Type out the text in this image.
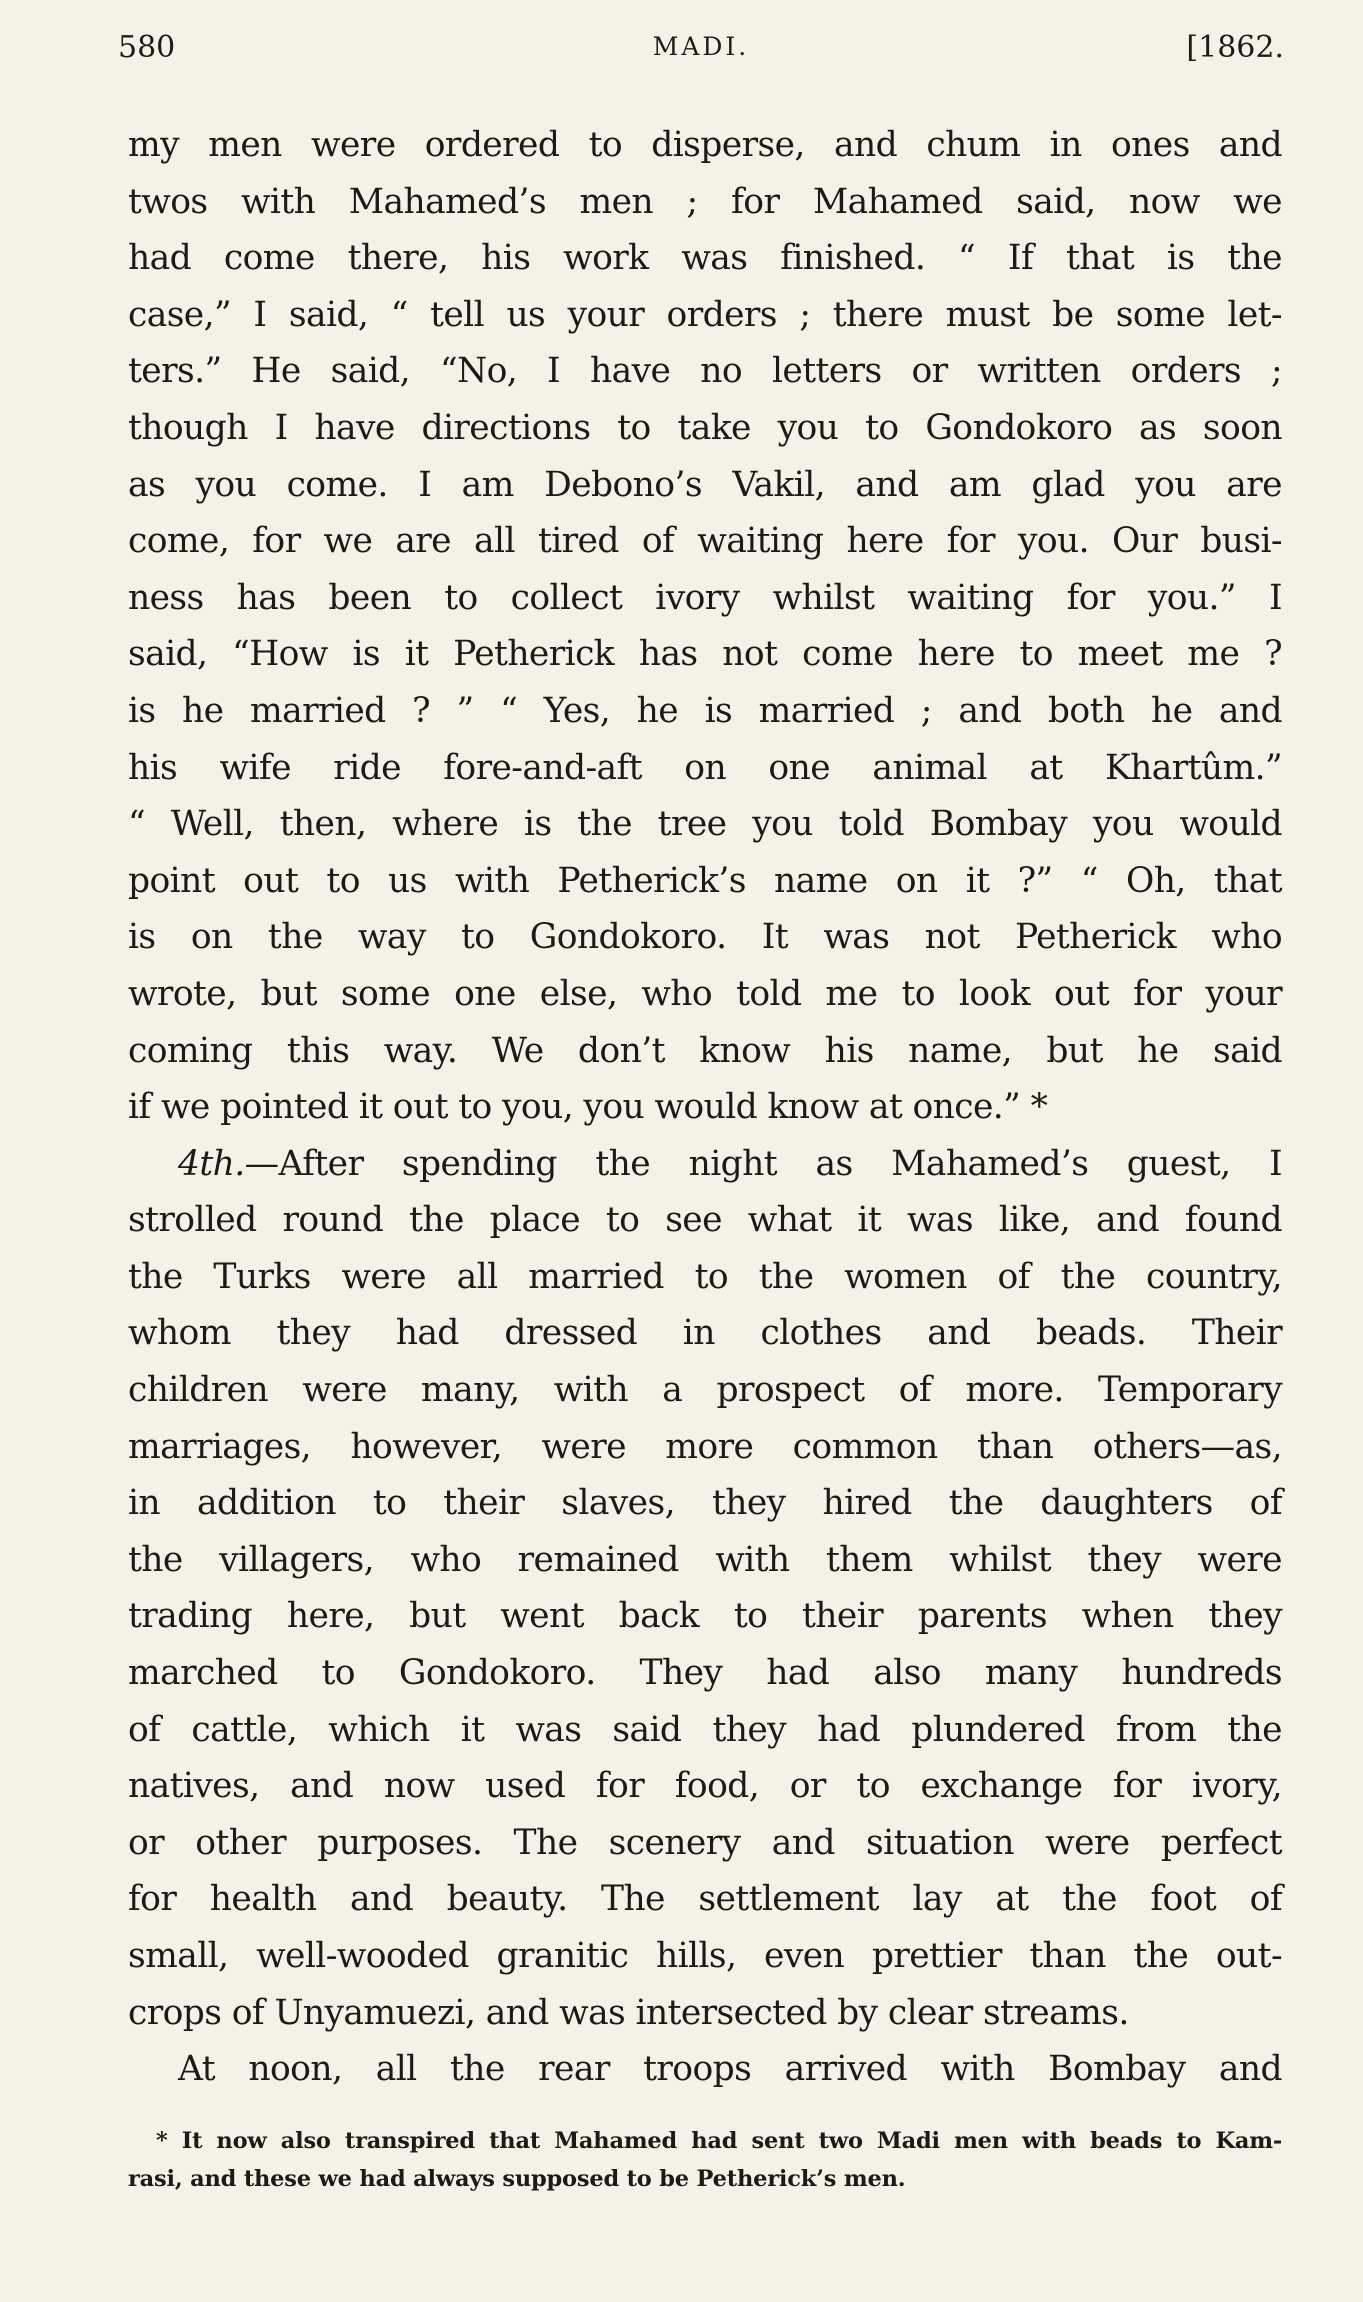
580	MADI.	[1862.
my men were ordered to disperse, and chum in ones and
twos with Mahamed’s men ; for Mahamed said, now we
had come there, his work was finished. “ If that is the
case,” I said, “ tell us your orders ; there must be some let-
ters.” He said, “No, I have no letters or written orders ;
though I have directions to take you to Gondokoro as soon
as you come. I am Debono’s Vakil, and am glad you are
come, for we are all tired of waiting here for you. Our busi-
ness has been to collect ivory whilst waiting for you.” I
said, “How is it Petherick has not come here to meet me ?
is he married ? ” “ Yes, he is married ; and both he and
his wife ride fore-and-aft on one animal at Khartûm.”
“ Well, then, where is the tree you told Bombay you would
point out to us with Petherick’s name on it ?” “ Oh, that
is on the way to Gondokoro. It was not Petherick who
wrote, but some one else, who told me to look out for your
coming this way. We don’t know his name, but he said
if we pointed it out to you, you would know at once.” *
4th.—After spending the night as Mahamed’s guest, I
strolled round the place to see what it was like, and found
the Turks were all married to the women of the country,
whom they had dressed in clothes and beads. Their
children were many, with a prospect of more. Temporary
marriages, however, were more common than others—as,
in addition to their slaves, they hired the daughters of
the villagers, who remained with them whilst they were
trading here, but went back to their parents when they
marched to Gondokoro. They had also many hundreds
of cattle, which it was said they had plundered from the
natives, and now used for food, or to exchange for ivory,
or other purposes. The scenery and situation were perfect
for health and beauty. The settlement lay at the foot of
small, well-wooded granitic hills, even prettier than the out-
crops of Unyamuezi, and was intersected by clear streams.
At noon, all the rear troops arrived with Bombay and
* It now also transpired that Mahamed had sent two Madi men with beads to Kam-
rasi, and these we had always supposed to be Petherick’s men.
